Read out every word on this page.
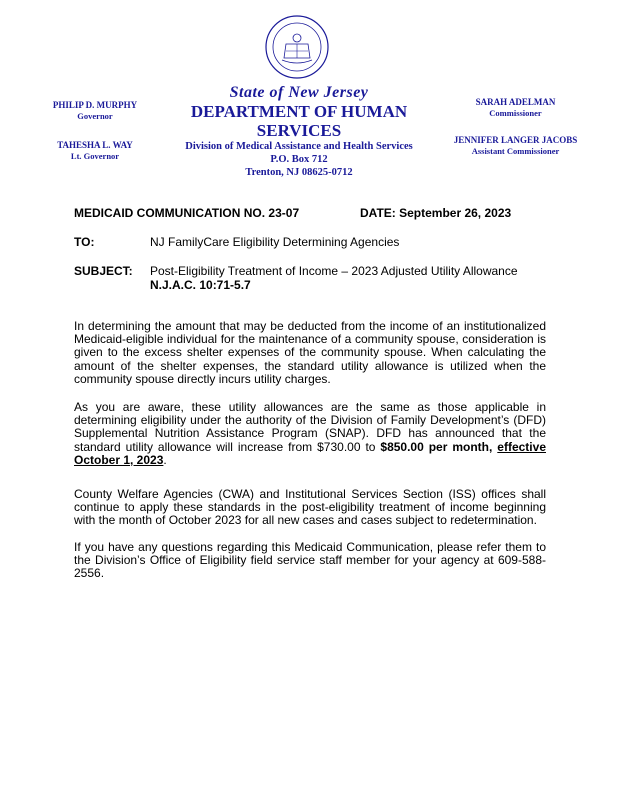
PHILIP D. MURPHY
Governor
TAHESHA L. WAY
Lt. Governor
State of New Jersey
DEPARTMENT OF HUMAN SERVICES
Division of Medical Assistance and Health Services
P.O. Box 712
Trenton, NJ 08625-0712
SARAH ADELMAN
Commissioner
JENNIFER LANGER JACOBS
Assistant Commissioner
MEDICAID COMMUNICATION NO. 23-07	DATE: September 26, 2023
TO:	NJ FamilyCare Eligibility Determining Agencies
SUBJECT: Post-Eligibility Treatment of Income – 2023 Adjusted Utility Allowance
N.J.A.C. 10:71-5.7

In determining the amount that may be deducted from the income of an institutionalized Medicaid-eligible individual for the maintenance of a community spouse, consideration is given to the excess shelter expenses of the community spouse. When calculating the amount of the shelter expenses, the standard utility allowance is utilized when the community spouse directly incurs utility charges.

As you are aware, these utility allowances are the same as those applicable in determining eligibility under the authority of the Division of Family Development’s (DFD) Supplemental Nutrition Assistance Program (SNAP). DFD has announced that the standard utility allowance will increase from $730.00 to $850.00 per month, effective October 1, 2023.

County Welfare Agencies (CWA) and Institutional Services Section (ISS) offices shall continue to apply these standards in the post-eligibility treatment of income beginning with the month of October 2023 for all new cases and cases subject to redetermination.

If you have any questions regarding this Medicaid Communication, please refer them to the Division’s Office of Eligibility field service staff member for your agency at 609-588-2556.
